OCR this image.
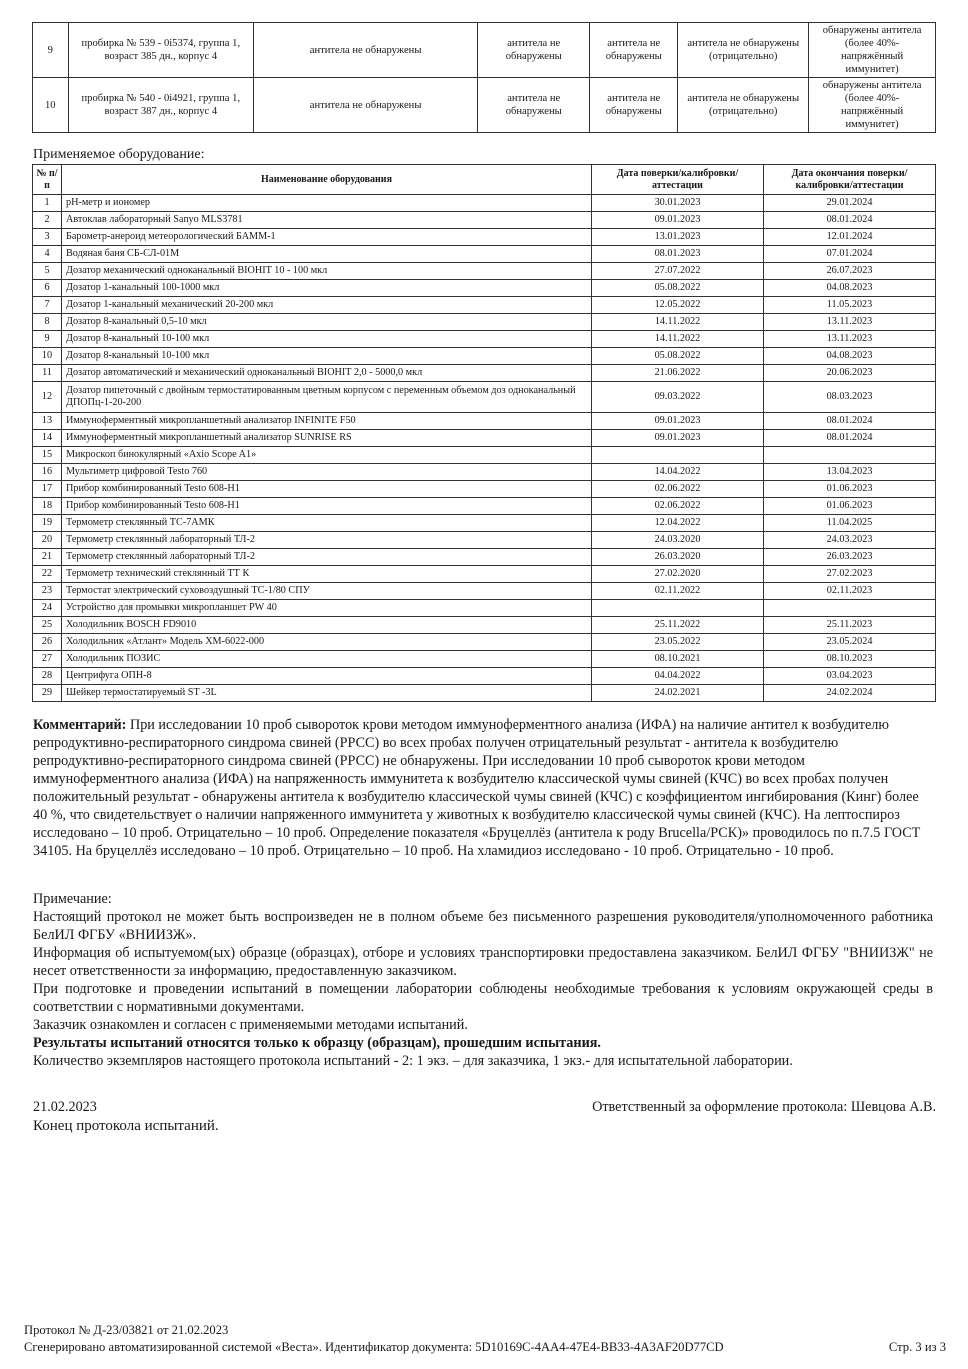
9	пробирка № 539 - 0i5374, группа 1, возраст 385 дн., корпус 4	антитела не обнаружены	антитела не обнаружены	антитела не обнаружены	антитела не обнаружены (отрицательно)	обнаружены антитела (более 40%- напряжённый иммунитет)
10	пробирка № 540 - 0i4921, группа 1, возраст 387 дн., корпус 4	антитела не обнаружены	антитела не обнаружены	антитела не обнаружены	антитела не обнаружены (отрицательно)	обнаружены антитела (более 40%- напряжённый иммунитет)
Применяемое оборудование:
№ п/п	Наименование оборудования	Дата поверки/калибровки/аттестации	Дата окончания поверки/калибровки/аттестации
1	pH-метр и иономер	30.01.2023	29.01.2024
2	Автоклав лабораторный Sanyo MLS3781	09.01.2023	08.01.2024
3	Барометр-анероид метеорологический БАММ-1	13.01.2023	12.01.2024
4	Водяная баня СБ-СЛ-01М	08.01.2023	07.01.2024
5	Дозатор механический одноканальный BIOHIT 10 - 100 мкл	27.07.2022	26.07.2023
6	Дозатор 1-канальный 100-1000 мкл	05.08.2022	04.08.2023
7	Дозатор 1-канальный механический 20-200 мкл	12.05.2022	11.05.2023
8	Дозатор 8-канальный 0,5-10 мкл	14.11.2022	13.11.2023
9	Дозатор 8-канальный 10-100 мкл	14.11.2022	13.11.2023
10	Дозатор 8-канальный 10-100 мкл	05.08.2022	04.08.2023
11	Дозатор автоматический и механический одноканальный BIOHIT 2,0 - 5000,0 мкл	21.06.2022	20.06.2023
12	Дозатор пипеточный с двойным термостатированным цветным корпусом с переменным объемом доз одноканальный ДПОПц-1-20-200	09.03.2022	08.03.2023
13	Иммуноферментный микропланшетный анализатор INFINITE F50	09.01.2023	08.01.2024
14	Иммуноферментный микропланшетный анализатор SUNRISE RS	09.01.2023	08.01.2024
15	Микроскоп бинокулярный «Axio Scope A1»		
16	Мультиметр цифровой Testo 760	14.04.2022	13.04.2023
17	Прибор комбинированный Testo 608-H1	02.06.2022	01.06.2023
18	Прибор комбинированный Testo 608-H1	02.06.2022	01.06.2023
19	Термометр стеклянный ТС-7АМК	12.04.2022	11.04.2025
20	Термометр стеклянный лабораторный ТЛ-2	24.03.2020	24.03.2023
21	Термометр стеклянный лабораторный ТЛ-2	26.03.2020	26.03.2023
22	Термометр технический стеклянный ТТ К	27.02.2020	27.02.2023
23	Термостат электрический суховоздушный ТС-1/80 СПУ	02.11.2022	02.11.2023
24	Устройство для промывки микропланшет PW 40		
25	Холодильник BOSCH FD9010	25.11.2022	25.11.2023
26	Холодильник «Атлант» Модель ХМ-6022-000	23.05.2022	23.05.2024
27	Холодильник ПОЗИС	08.10.2021	08.10.2023
28	Центрифуга ОПН-8	04.04.2022	03.04.2023
29	Шейкер термостатируемый ST -3L	24.02.2021	24.02.2024
Комментарий: При исследовании 10 проб сывороток крови методом иммуноферментного анализа (ИФА) на наличие антител к возбудителю репродуктивно-респираторного синдрома свиней (РРСС) во всех пробах получен отрицательный результат - антитела к возбудителю репродуктивно-респираторного синдрома свиней (РРСС) не обнаружены. При исследовании 10 проб сывороток крови методом иммуноферментного анализа (ИФА) на напряженность иммунитета к возбудителю классической чумы свиней (КЧС) во всех пробах получен положительный результат - обнаружены антитела к возбудителю классической чумы свиней (КЧС) с коэффициентом ингибирования (Кинг) более 40 %, что свидетельствует о наличии напряженного иммунитета у животных к возбудителю классической чумы свиней (КЧС). На лептоспироз исследовано – 10 проб. Отрицательно – 10 проб. Определение показателя «Бруцеллёз (антитела к роду Brucella/РСК)» проводилось по п.7.5 ГОСТ 34105. На бруцеллёз исследовано – 10 проб. Отрицательно – 10 проб. На хламидиоз исследовано - 10 проб. Отрицательно - 10 проб.

Примечание:

Настоящий протокол не может быть воспроизведен не в полном объеме без письменного разрешения руководителя/уполномоченного работника БелИЛ ФГБУ «ВНИИЗЖ».

Информация об испытуемом(ых) образце (образцах), отборе и условиях транспортировки предоставлена заказчиком. БелИЛ ФГБУ "ВНИИЗЖ" не несет ответственности за информацию, предоставленную заказчиком.

При подготовке и проведении испытаний в помещении лаборатории соблюдены необходимые требования к условиям окружающей среды в соответствии с нормативными документами.

Заказчик ознакомлен и согласен с применяемыми методами испытаний.

Результаты испытаний относятся только к образцу (образцам), прошедшим испытания.

Количество экземпляров настоящего протокола испытаний - 2: 1 экз. – для заказчика, 1 экз.- для испытательной лаборатории.

21.02.2023	Ответственный за оформление протокола: Шевцова А.В.
Конец протокола испытаний.
Протокол № Д-23/03821 от 21.02.2023
Сгенерировано автоматизированной системой «Веста». Идентификатор документа: 5D10169C-4AA4-47E4-BB33-4A3AF20D77CD	Стр. 3 из 3
